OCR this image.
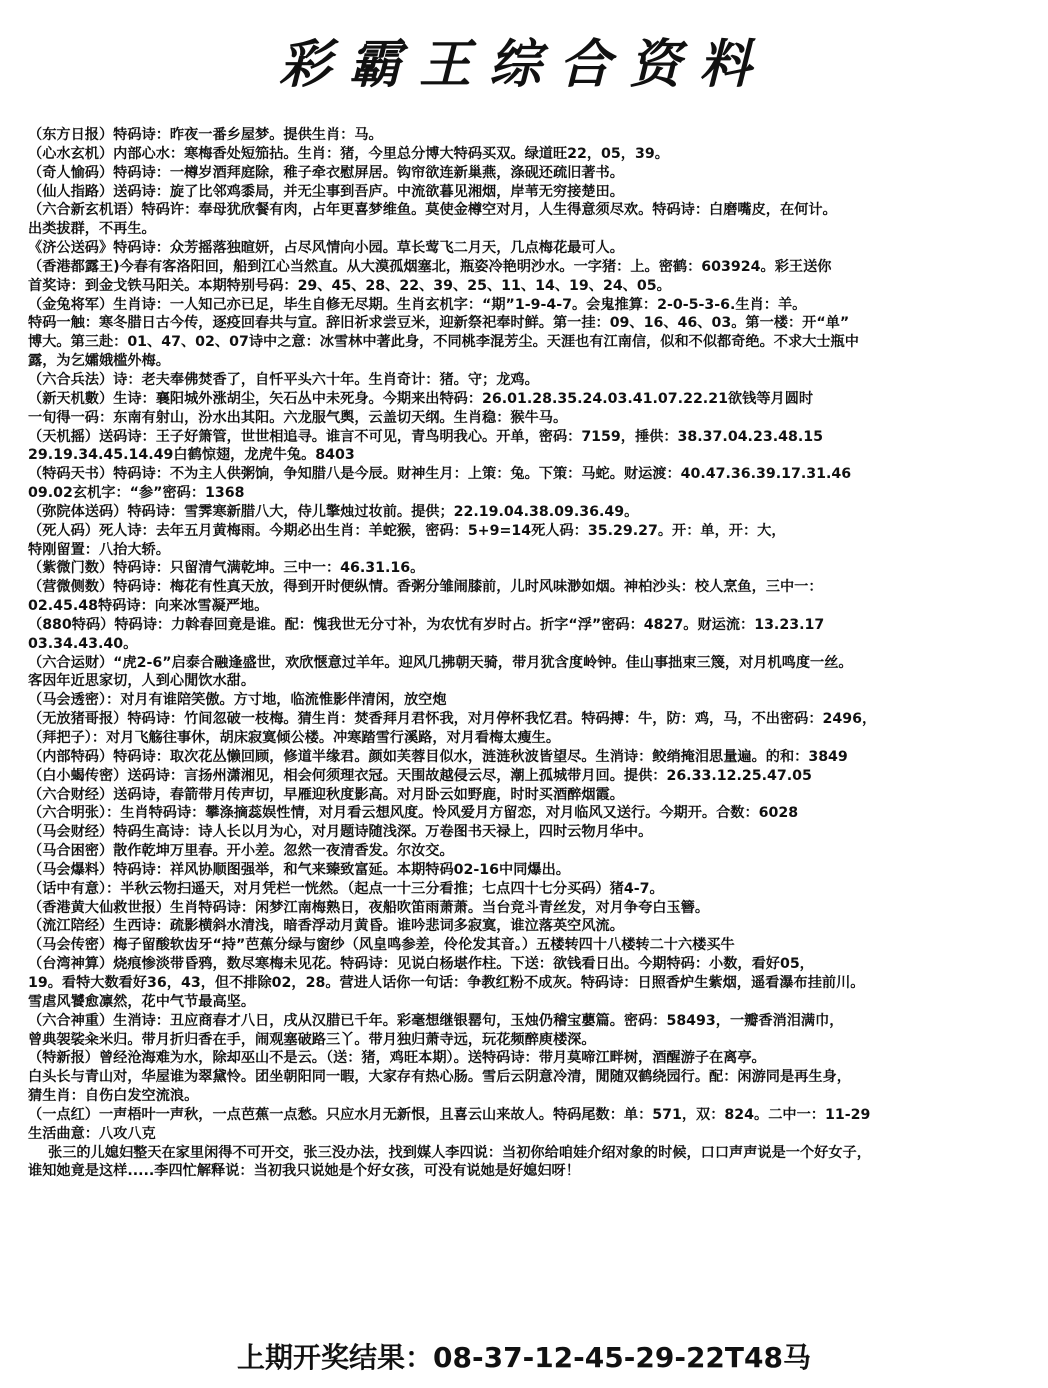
彩霸王综合资料
（东方日报）特码诗：昨夜一番乡屋梦。提供生肖：马。
（心水玄机）内部心水：寒梅香处短笳拈。生肖：猪，今里总分博大特码买双。绿道旺22，05，39。
（奇人愉码）特码诗：一樽岁酒拜庭除，稚子牵衣慰屏居。钩帘欲连新巢燕，涤砚还疏旧著书。
（仙人指路）送码诗：旋了比邻鸡黍局，并无尘事到吾庐。中流欲暮见湘烟，岸苇无穷接楚田。
（六合新玄机语）特码许：奉母犹欣餐有肉，占年更喜梦维鱼。莫使金樽空对月，人生得意须尽欢。特码诗：白磨嘴皮，在何计。
出类拔群，不再生。
《济公送码》特码诗：众芳摇落独暄妍，占尽风情向小园。草长莺飞二月天，几点梅花最可人。
（香港都露王)今春有客洛阳回，船到江心当然直。从大漠孤烟塞北，瓶姿冷艳明沙水。一字猪：上。密鹤：603924。彩王送你
首奖诗：到金戈铁马阳关。本期特别号码：29、45、28、22、39、25、11、14、19、24、05。
（金兔将军）生肖诗：一人知己亦已足，毕生自修无尽期。生肖玄机字：“期”1-9-4-7。会鬼推算：2-0-5-3-6.生肖：羊。
特码一触：寒冬腊日古今传，逐疫回春共与宣。辞旧祈求尝豆米，迎新祭祀奉时鲜。第一挂：09、16、46、03。第一楼：开“单”
博大。第三赴：01、47、02、07诗中之意：冰雪林中著此身，不同桃李混芳尘。天涯也有江南信，似和不似都奇绝。不求大士瓶中
露，为乞孀娥槛外梅。
（六合兵法）诗：老夫奉佛焚香了，自忏平头六十年。生肖奇计：猪。守；龙鸡。
（新天机數）生诗：襄阳城外涨胡尘，矢石丛中未死身。今期来出特码：26.01.28.35.24.03.41.07.22.21欲钱等月圆时
一旬得一码：东南有射山，汾水出其阳。六龙服气舆，云盖切天纲。生肖稳：猴牛马。
（天机摇）送码诗：王子好箫管，世世相追寻。谁言不可见，青鸟明我心。开单，密码：7159，捶供：38.37.04.23.48.15
29.19.34.45.14.49白鹤惊翅，龙虎牛兔。8403
（特码天书）特码诗：不为主人供粥饷，争知腊八是今辰。财神生月：上策：兔。下策：马蛇。财运渡：40.47.36.39.17.31.46
09.02玄机字：“参”密码：1368
（弥院体送码）特码诗：雪霁寒新腊八大，侍儿擎烛过妆前。提供；22.19.04.38.09.36.49。
（死人码）死人诗：去年五月黄梅雨。今期必出生肖：羊蛇猴，密码：5+9=14死人码：35.29.27。开：单，开：大，
特刚留置：八抬大轿。
（紫微门数）特码诗：只留清气满乾坤。三中一：46.31.16。
（营微侧数）特码诗：梅花有性真天放，得到开时便纵情。香粥分雏闹膝前，儿时风味渺如烟。神柏沙头：校人烹鱼，三中一：
02.45.48特码诗：向来冰雪凝严地。
（880特码）特码诗：力斡春回竟是谁。配：愧我世无分寸补，为农忧有岁时占。折字“浮”密码：4827。财运流：13.23.17
03.34.43.40。
（六合运财）“虎2-6”启泰合融逢盛世，欢欣惬意过羊年。迎风几拂朝天骑，带月犹含度岭钟。佳山事拙束三篾，对月机鸣度一丝。
客因年近思家切，人到心閒饮水甜。
（马会透密）：对月有谁陪笑傲。方寸地，临流惟影伴清闲，放空炮
（无放猪哥报）特码诗：竹间忽破一枝梅。猜生肖：焚香拜月君怀我，对月停杯我忆君。特码搏：牛，防：鸡，马，不出密码：2496，
（拜把子）：对月飞觞往事休，胡床寂寞倾公楼。冲寒踏雪行溪路，对月看梅太瘦生。
（内部特码）特码诗：取次花丛懒回顾，修道半缘君。颜如芙蓉目似水，涟涟秋波皆望尽。生消诗：鲛绡掩泪思量遍。的和：3849
（白小蝎传密）送码诗：言扬州潇湘见，相会何须理衣冠。天围故越侵云尽，潮上孤城带月回。提供：26.33.12.25.47.05
（六合财经）送码诗，春箭带月传声切，早雁迎秋度影高。对月卧云如野鹿，时时买酒醉烟霞。
（六合明张）：生肖特码诗：攀涤摘蕊娱性情，对月看云想风度。怜风爱月方留恋，对月临风又送行。今期开。合数：6028
（马会财经）特码生高诗：诗人长以月为心，对月题诗随浅深。万卷图书天禄上，四时云物月华中。
（马合困密）散作乾坤万里春。开小差。忽然一夜清香发。尔汝交。
（马会爆料）特码诗：祥风协顺图强举，和气来臻致富延。本期特码02-16中同爆出。
（话中有意）：半秋云物扫遥天，对月凭栏一恍然。（起点一十三分看推；七点四十七分买码）猪4-7。
（香港黄大仙救世报）生肖特码诗：闲梦江南梅熟日，夜船吹笛雨萧萧。当台竞斗青丝发，对月争夸白玉簪。
（流江陪经）生西诗：疏影横斜水清浅，暗香浮动月黄昏。谁吟悲词多寂寞，谁泣落英空风流。
（马会传密）梅子留酸软齿牙“持”芭蕉分绿与窗纱（风皇鸣参差，伶伦发其音。）五楼转四十八楼转二十六楼买牛
（台湾神算）烧痕惨淡带昏鸦，数尽寒梅未见花。特码诗：见说白杨堪作柱。下送：欲钱看日出。今期特码：小数，看好05，
19。看特大数看好36，43，但不排除02，28。营进人话你一句话：争教红粉不成灰。特码诗：日照香炉生紫烟，遥看瀑布挂前川。
雪虐风饕愈凛然，花中气节最高坚。
（六合神重）生消诗：丑应商春才八日，戌从汉腊已千年。彩毫想继银罂句，玉烛仍稽宝蘡篇。密码：58493，一瓣香消泪满巾，
曾典袈裟籴米归。带月折归香在手，闹观塞破路三丫。带月独归萧寺远，玩花频醉庾楼深。
（特新报）曾经沧海难为水，除却巫山不是云。（送：猪，鸡旺本期）。送特码诗：带月莫啼江畔树，酒醒游子在离亭。
白头长与青山对，华屋谁为翠黛怜。团坐朝阳同一暇，大家存有热心肠。雪后云阴意冷清，閒随双鹤绕园行。配：闲游同是再生身，
猜生肖：自伤白发空流浪。
（一点红）一声梧叶一声秋，一点芭蕉一点愁。只应水月无新恨，且喜云山来故人。特码尾数：单：571，双：824。二中一：11-29
生活曲意：八攻八克
张三的儿媳妇整天在家里闲得不可开交，张三没办法，找到媒人李四说：当初你给咱娃介绍对象的时候，口口声声说是一个好女子，
谁知她竟是这样.....李四忙解释说：当初我只说她是个好女孩，可没有说她是好媳妇呀！
上期开奖结果：08-37-12-45-29-22T48马
